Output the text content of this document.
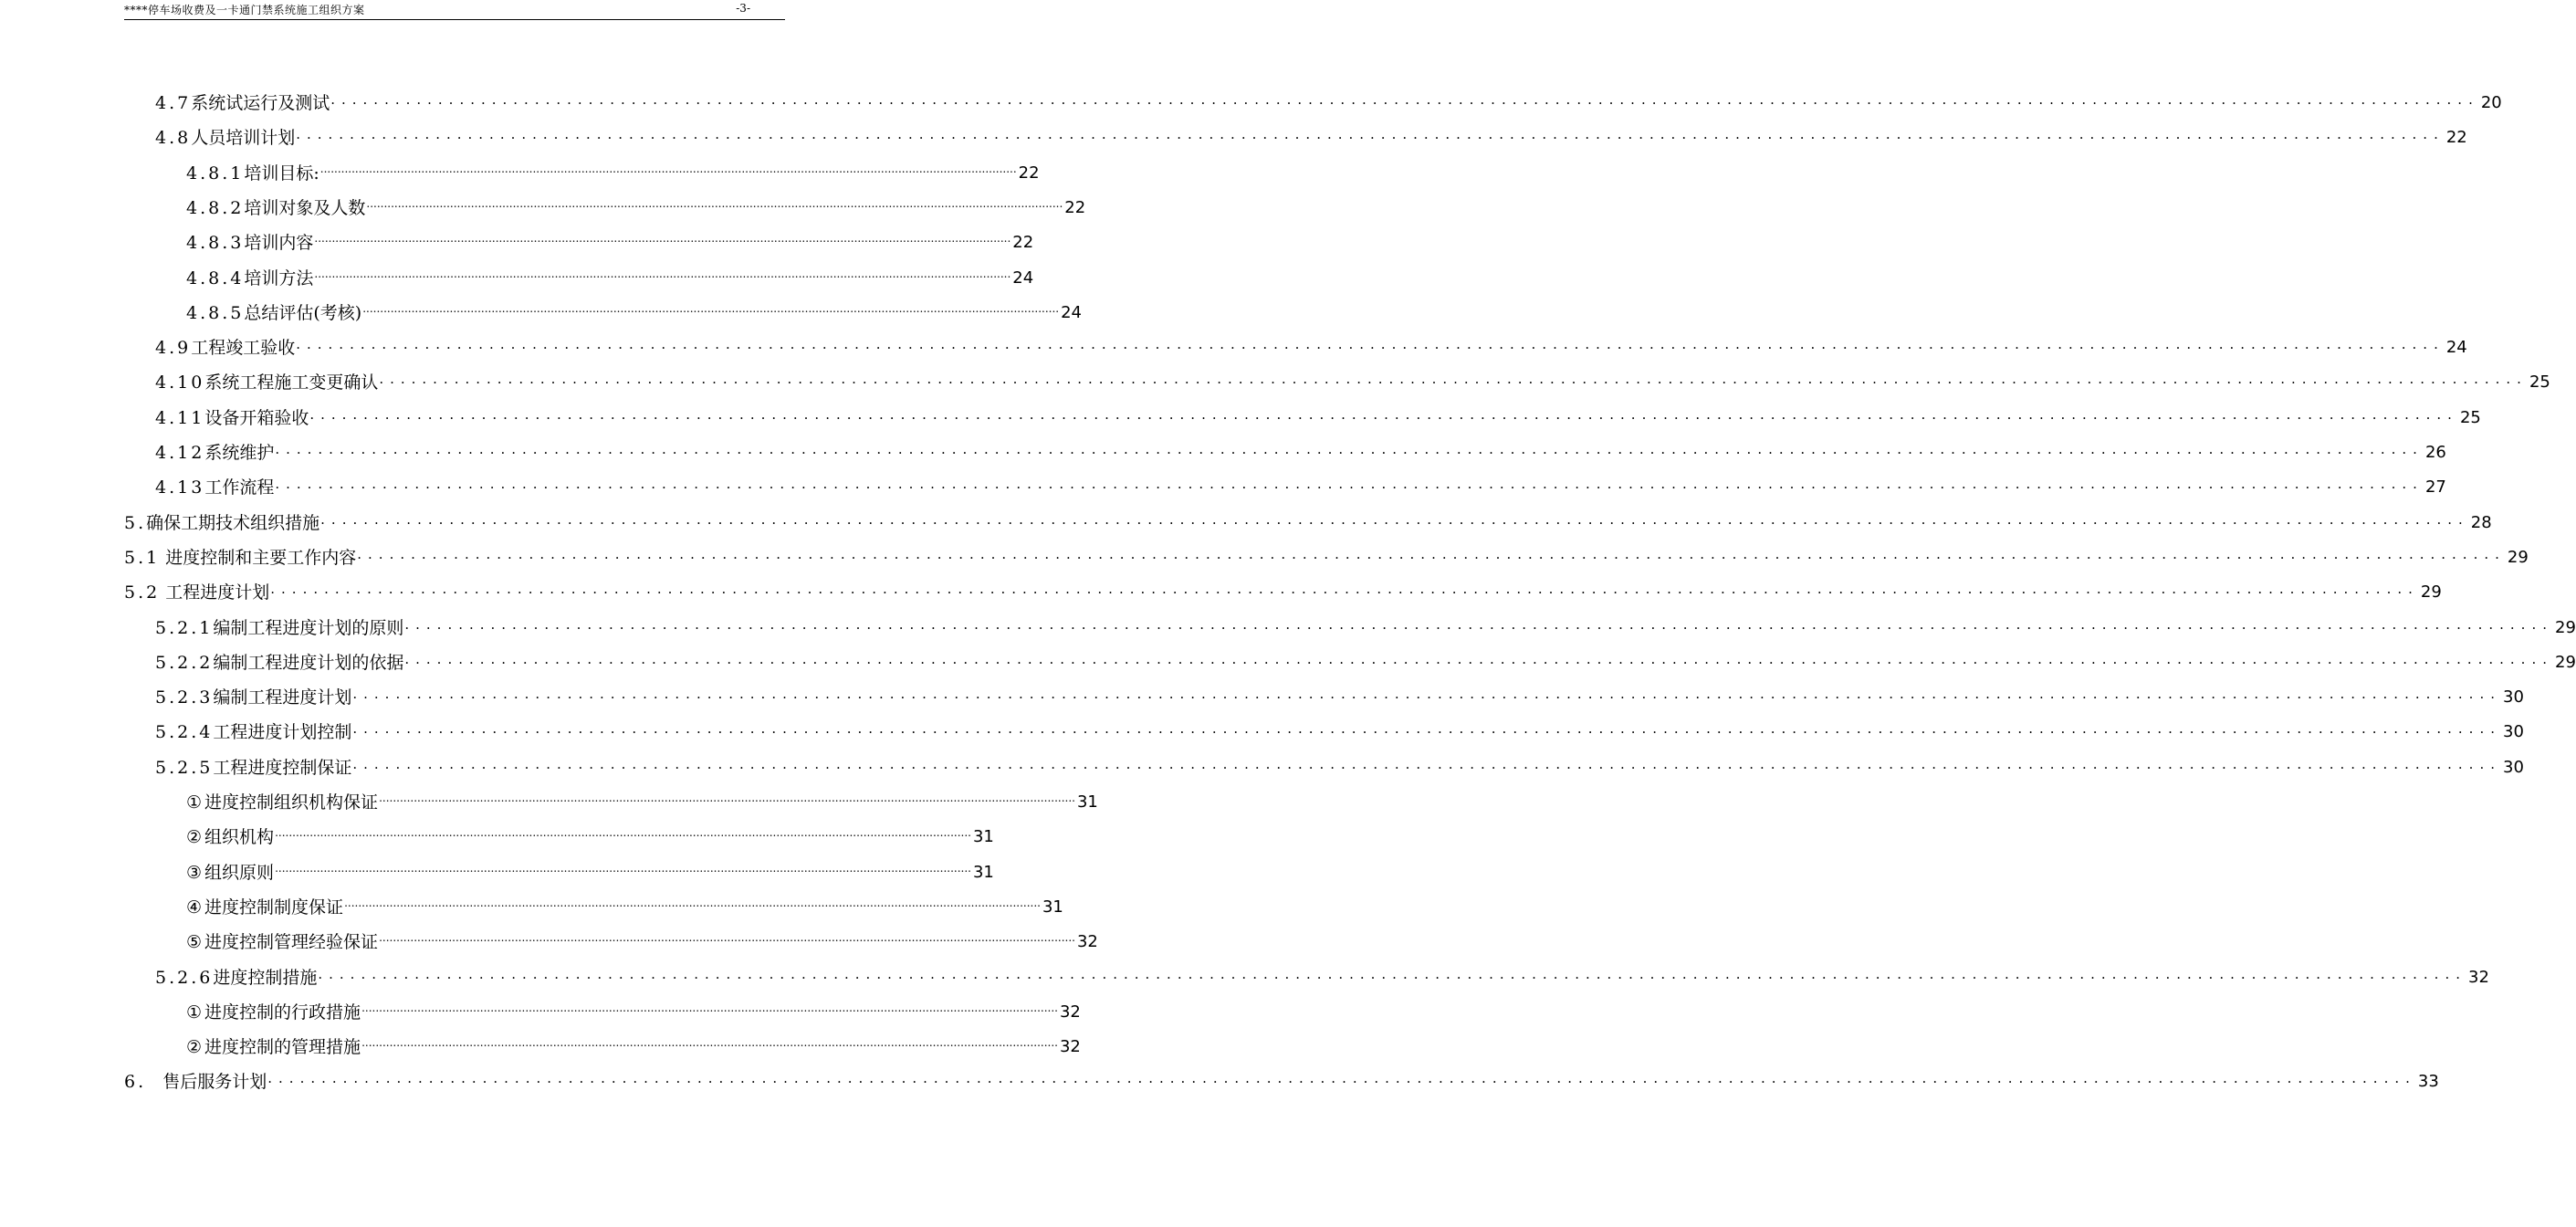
****停车场收费及一卡通门禁系统施工组织方案	-3-
4.7系统试运行及测试 ........................................................................................................................................................................................................ 20
4.8人员培训计划 ........................................................................................................................................................................................................ 22
4.8.1培训目标: ........................................................................................................................................................................................................ 22
4.8.2培训对象及人数 ........................................................................................................................................................................................................ 22
4.8.3培训内容 ........................................................................................................................................................................................................ 22
4.8.4培训方法 ........................................................................................................................................................................................................ 24
4.8.5总结评估(考核) ........................................................................................................................................................................................................ 24
4.9工程竣工验收 ........................................................................................................................................................................................................ 24
4.10系统工程施工变更确认 ........................................................................................................................................................................................................ 25
4.11设备开箱验收 ........................................................................................................................................................................................................ 25
4.12系统维护 ........................................................................................................................................................................................................ 26
4.13工作流程 ........................................................................................................................................................................................................ 27
5.确保工期技术组织措施 ........................................................................................................................................................................................................ 28
5.1 进度控制和主要工作内容 ........................................................................................................................................................................................................ 29
5.2 工程进度计划 ........................................................................................................................................................................................................ 29
5.2.1编制工程进度计划的原则 ........................................................................................................................................................................................................ 29
5.2.2编制工程进度计划的依据 ........................................................................................................................................................................................................ 29
5.2.3编制工程进度计划 ........................................................................................................................................................................................................ 30
5.2.4工程进度计划控制 ........................................................................................................................................................................................................ 30
5.2.5工程进度控制保证 ........................................................................................................................................................................................................ 30
①进度控制组织机构保证 ........................................................................................................................................................................................................ 31
②组织机构 ........................................................................................................................................................................................................ 31
③组织原则 ........................................................................................................................................................................................................ 31
④进度控制制度保证 ........................................................................................................................................................................................................ 31
⑤进度控制管理经验保证 ........................................................................................................................................................................................................ 32
5.2.6进度控制措施 ........................................................................................................................................................................................................ 32
①进度控制的行政措施 ........................................................................................................................................................................................................ 32
②进度控制的管理措施 ........................................................................................................................................................................................................ 32
6.   售后服务计划 ........................................................................................................................................................................................................ 33
